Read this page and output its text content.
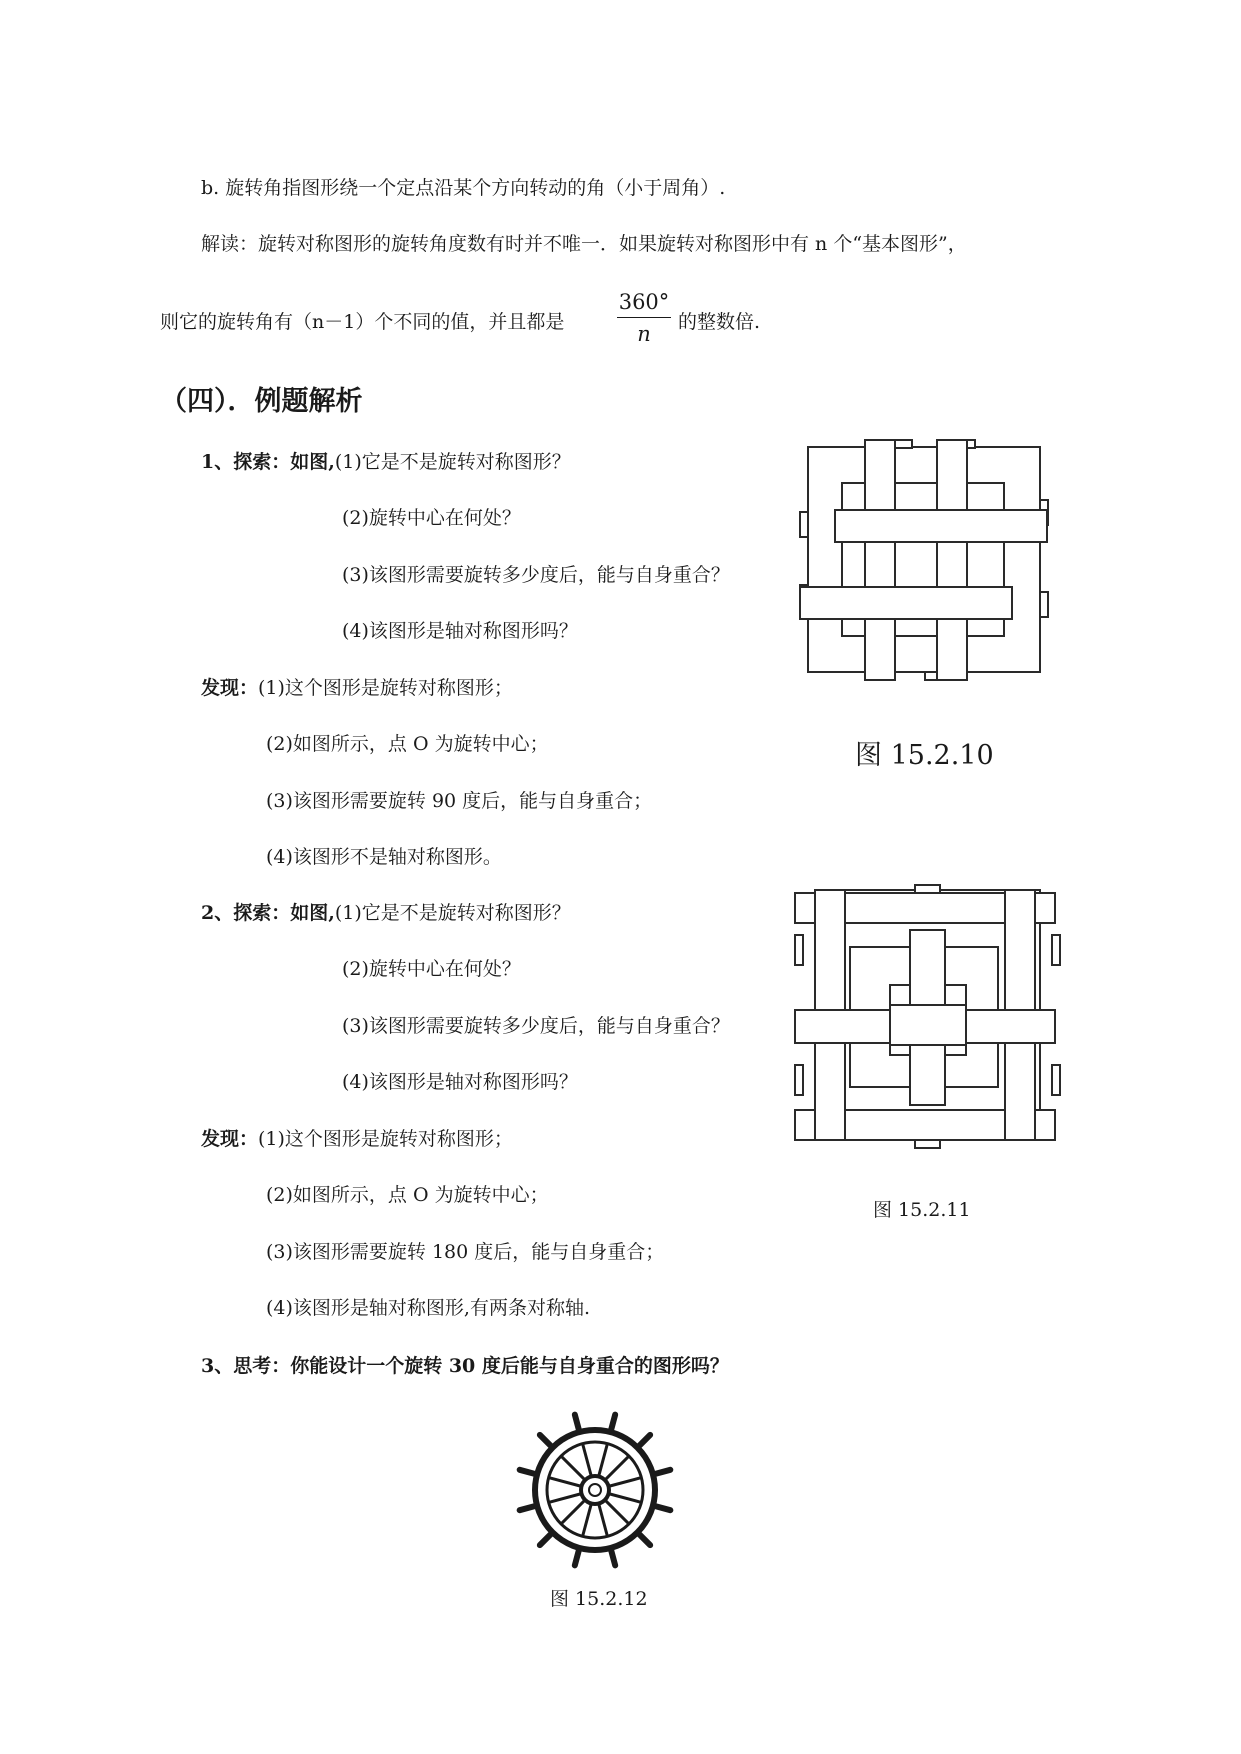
b. 旋转角指图形绕一个定点沿某个方向转动的角（小于周角）.
解读：旋转对称图形的旋转角度数有时并不唯一．如果旋转对称图形中有 n 个“基本图形”，
则它的旋转角有（n－1）个不同的值，并且都是
360°
n	的整数倍.
（四）．例题解析
1、探索：如图,(1)它是不是旋转对称图形？
(2)旋转中心在何处？
(3)该图形需要旋转多少度后，能与自身重合？
(4)该图形是轴对称图形吗？
发现：(1)这个图形是旋转对称图形；
(2)如图所示，点 O 为旋转中心；
(3)该图形需要旋转 90 度后，能与自身重合；
(4)该图形不是轴对称图形。
图 15.2.10
2、探索：如图,(1)它是不是旋转对称图形？
(2)旋转中心在何处？
(3)该图形需要旋转多少度后，能与自身重合？
(4)该图形是轴对称图形吗？
发现：(1)这个图形是旋转对称图形；
(2)如图所示，点 O 为旋转中心；
(3)该图形需要旋转 180 度后，能与自身重合；
(4)该图形是轴对称图形,有两条对称轴.
图 15.2.11
3、思考：你能设计一个旋转 30 度后能与自身重合的图形吗？
图 15.2.12
